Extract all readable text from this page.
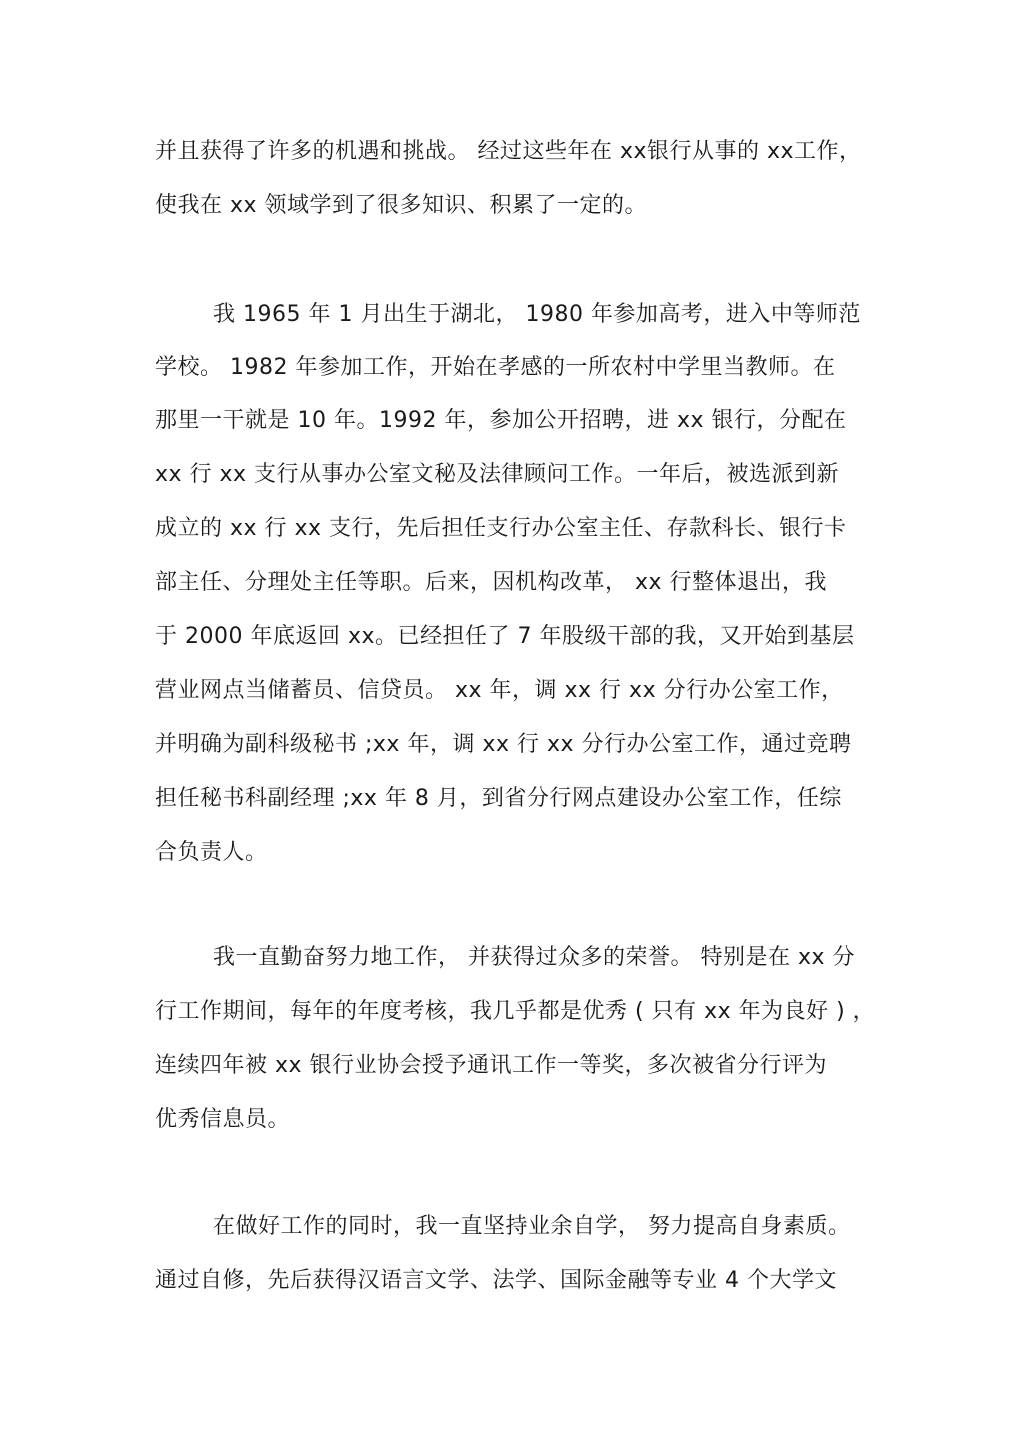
并且获得了许多的机遇和挑战。 经过这些年在 xx银行从事的 xx工作，
使我在 xx 领域学到了很多知识、积累了一定的。
我 1965 年 1 月出生于湖北， 1980 年参加高考，进入中等师范
学校。 1982 年参加工作，开始在孝感的一所农村中学里当教师。在
那里一干就是 10 年。1992 年，参加公开招聘，进 xx 银行，分配在
xx 行 xx 支行从事办公室文秘及法律顾问工作。一年后，被选派到新
成立的 xx 行 xx 支行，先后担任支行办公室主任、存款科长、银行卡
部主任、分理处主任等职。后来，因机构改革， xx 行整体退出，我
于 2000 年底返回 xx。已经担任了 7 年股级干部的我，又开始到基层
营业网点当储蓄员、信贷员。 xx 年，调 xx 行 xx 分行办公室工作，
并明确为副科级秘书 ;xx 年，调 xx 行 xx 分行办公室工作，通过竞聘
担任秘书科副经理 ;xx 年 8 月，到省分行网点建设办公室工作，任综
合负责人。
我一直勤奋努力地工作， 并获得过众多的荣誉。 特别是在 xx 分
行工作期间，每年的年度考核，我几乎都是优秀 ( 只有 xx 年为良好 ) ，
连续四年被 xx 银行业协会授予通讯工作一等奖，多次被省分行评为
优秀信息员。
在做好工作的同时，我一直坚持业余自学， 努力提高自身素质。
通过自修，先后获得汉语言文学、法学、国际金融等专业 4 个大学文
